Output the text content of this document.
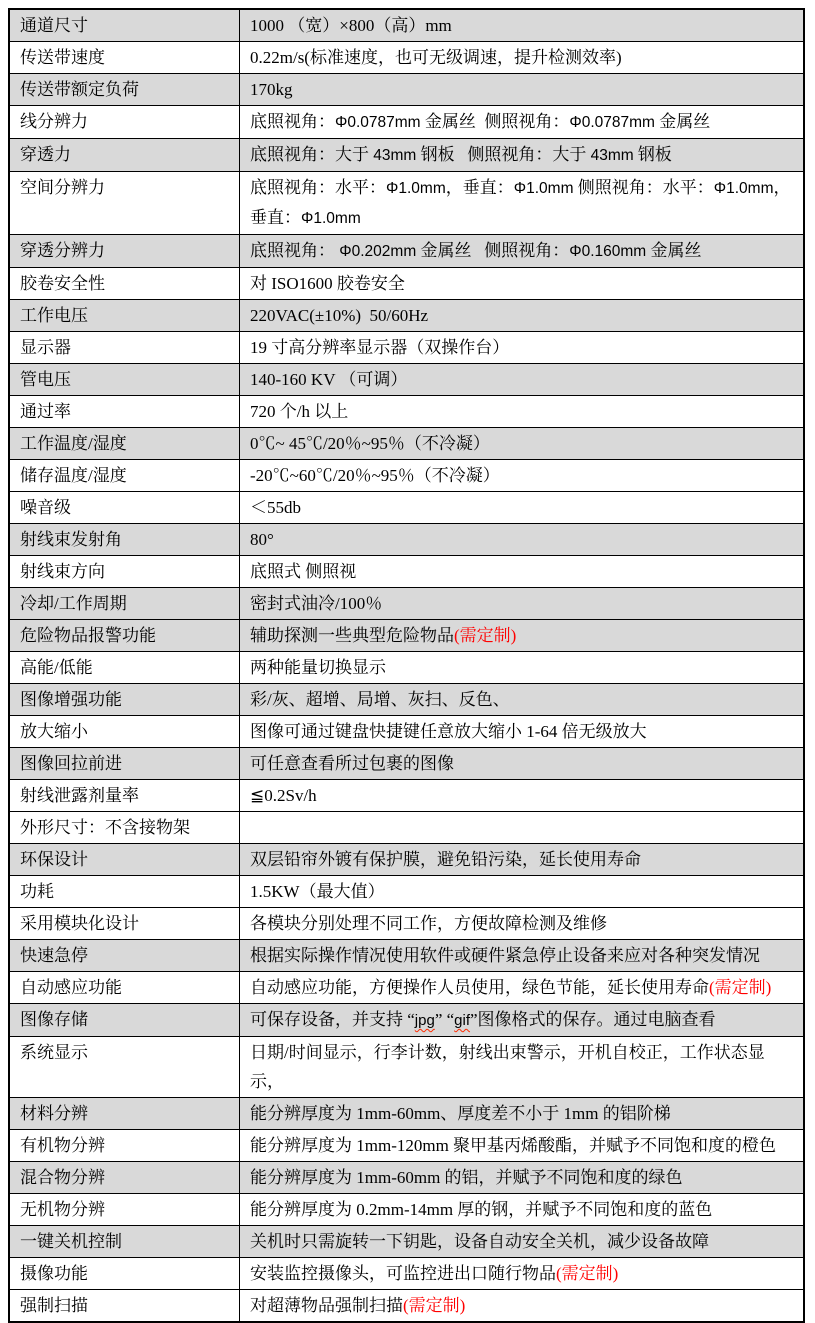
通道尺寸	1000 （宽）×800（高）mm
传送带速度	0.22m/s(标准速度，也可无级调速，提升检测效率)
传送带额定负荷	170kg
线分辨力	底照视角：Φ0.0787mm 金属丝  侧照视角：Φ0.0787mm 金属丝
穿透力	底照视角：大于 43mm 钢板   侧照视角：大于 43mm 钢板
空间分辨力	底照视角：水平：Φ1.0mm，垂直：Φ1.0mm 侧照视角：水平：Φ1.0mm，垂直：Φ1.0mm
穿透分辨力	底照视角： Φ0.202mm 金属丝   侧照视角：Φ0.160mm 金属丝
胶卷安全性	对 ISO1600 胶卷安全
工作电压	220VAC(±10%)  50/60Hz
显示器	19 寸高分辨率显示器（双操作台）
管电压	140-160 KV （可调）
通过率	720 个/h 以上
工作温度/湿度	0℃~ 45℃/20％~95％（不冷凝）
储存温度/湿度	-20℃~60℃/20％~95％（不冷凝）
噪音级	＜55db
射线束发射角	80°
射线束方向	底照式 侧照视
冷却/工作周期	密封式油冷/100％
危险物品报警功能	辅助探测一些典型危险物品(需定制)
高能/低能	两种能量切换显示
图像增强功能	彩/灰、超增、局增、灰扫、反色、
放大缩小	图像可通过键盘快捷键任意放大缩小 1-64 倍无级放大
图像回拉前进	可任意查看所过包裹的图像
射线泄露剂量率	≦0.2Sv/h
外形尺寸：不含接物架
环保设计	双层铅帘外镀有保护膜，避免铅污染，延长使用寿命
功耗	1.5KW（最大值）
采用模块化设计	各模块分别处理不同工作，方便故障检测及维修
快速急停	根据实际操作情况使用软件或硬件紧急停止设备来应对各种突发情况
自动感应功能	自动感应功能，方便操作人员使用，绿色节能，延长使用寿命(需定制)
图像存储	可保存设备，并支持 “jpg” “gif”图像格式的保存。通过电脑查看
系统显示	日期/时间显示，行李计数，射线出束警示，开机自校正，工作状态显示，
材料分辨	能分辨厚度为 1mm-60mm、厚度差不小于 1mm 的铝阶梯
有机物分辨	能分辨厚度为 1mm-120mm 聚甲基丙烯酸酯，并赋予不同饱和度的橙色
混合物分辨	能分辨厚度为 1mm-60mm 的铝，并赋予不同饱和度的绿色
无机物分辨	能分辨厚度为 0.2mm-14mm 厚的钢，并赋予不同饱和度的蓝色
一键关机控制	关机时只需旋转一下钥匙，设备自动安全关机，减少设备故障
摄像功能	安装监控摄像头，可监控进出口随行物品(需定制)
强制扫描	对超薄物品强制扫描(需定制)
